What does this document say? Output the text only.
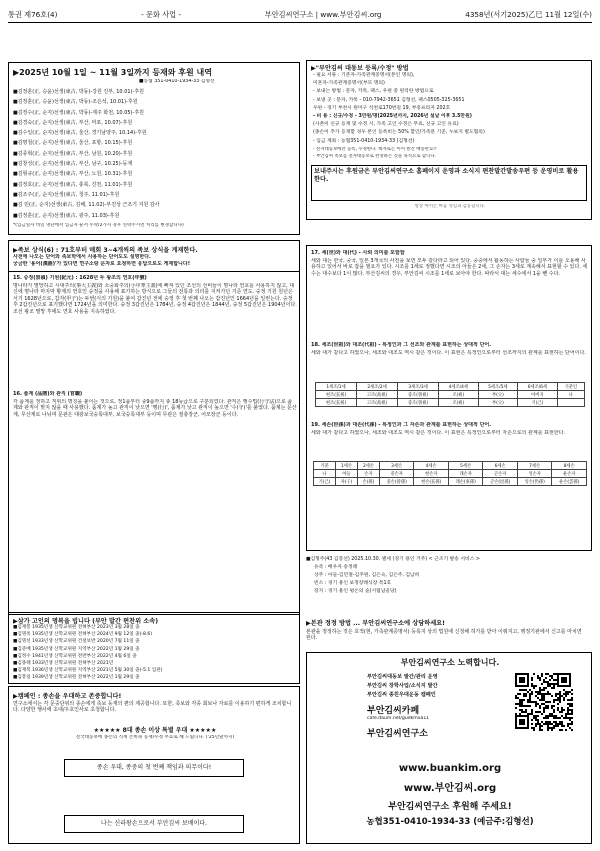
통권 제76호(4)	- 문화 사업 -	부안김씨연구소 | www.부안김씨.org	4358년(서기2025)乙巳 11월 12일(수)
▶2025년 10월 1일 ~ 11월 3일까지 등재와 후원 내역
■농협 351-0410-1934-33 김형선
■김정훈(正, 승윤)선생(東古, 박동)-강원 진부, 10.01)-후원
■김정훈(正, 승윤)선생(東古, 박동)-조은석, 10.01)-후원
■김정수(正, 순지)선생(東古, 박동)-제주 화천, 10.05)-후원
■김경숙(正, 순지)선생(東古, 부산, 마포, 10.07)-후원
■김수일(正, 순지)선생(東古, 울산, 경기남양주, 10.14)-후원
■김명철(正, 순지)선생(東古, 울산, 포항, 10.15)-후원
■김종혁(正, 순지)선생(東古, 부산, 남원, 10.20)-후원
■김창성(正, 순지)선생(東古, 부산, 남구, 10.25)-등재
■김형규(正, 순지)선생(東古, 부산, 노원, 10.31)-후원
■김정호(正, 순지)선생(東古, 충북, 진천, 11.01)-후원
■김조주(正, 순지)선생(東古, 청주, 11.01)-후원
■김 민(正, 순지)선생(東古, 김해, 11.02)-부친상 근조기 지원 감사
■김정훈(正, 순지)선생(東古, 광주, 11.03)-후원
*(입금일자 비밀 명단에서 입금자 순서 누락/2가지 경우 연락주시면 처리를 변경합니다)
▶족보 상식(6) : 71호부터 매회 3~4개씩의 족보 상식을 게재한다.
사전에 나오는 단어와 족보학에서 사용하는 단어도도 설명한다.
궁금한 '용어(漢語)'가 있다면 연구소랑 문자로 요청하면 응답으로도 게재합니다!
15. 승정(崇禎) 기원(紀元) : 1628년 두 왕조의 연호(年號)
명나라가 멸망하고 시대주의(事大主義)와 소중화주의(小中華主義)에 빠져 있던 조선의 선비들이 명나라 연호를 사용하지 않고, 대신에 명나라 마지막 황제의 연호인 숭정을 사용해 표기하는 방식으로 그들의 전통과 의리를 지켜가던 기준 연도. 숭정 기원 원년은 서기 1628년으로, 갑자(甲子)는 두번(식의 기원)을 붙여 갑진년 전에 숭정 후 첫 번째 나오는 갑진년인 1664년을 일컫는다. 숭정 후 2갑진년으로 표기했다면 1724년을 의미한다. 숭정 3갑진년은 1784년, 숭정 4갑진년은 1844년, 숭정 5갑진년은 1904년이다. 조선 왕조 멸망 후에도 연호 사용을 지속하였다.
16. 품계 (品階)와 관직 (官職)
각 품계를 정하고 직위의 명칭을 붙이는 것으로, 정1품부터 종9품까지 총 18등급으로 구분되었다. 관직은 행수법(行守法)으로 품계와 관직이 맞지 않을 때 사용했다. 품계가 높고 관직이 낮으면 '행(行)', 품계가 낮고 관직이 높으면 '수(守)'를 붙였다. 품계는 문산계, 무산계로 나뉘며 문관은 대광보국숭록대부, 보국숭록대부 등이며 무관은 절충장군, 어모장군 등이다.
▶삼가 고인의 명복을 빕니다 (부안 발간 편찬위 소속)
■김재봉 1935년생 산학교위원 전혀부산 2023년 3월 28일 졸
■김명옥 1935년생 산학교위원 전혀부산 2024년 9월 12일 졸(-8.6)
■김명선 1933년생 산학교위원 건설보반 2020년 7월 11일 졸
■김준배 1935년생 산학교위원 지역부산 2022년 1월 29일 졸
■김정수 1941년생 산학교위원 전반부산 2022년 4월 6일 졸
■김종태 1933년생 산학교위원 전혀부산 2021년
■김재복 1936년생 산학교위원 지역부산 2021년 5월 30일 졸(-5.1 입관)
■김봉일 1939년생 산학교위원 전혀부산 2022년 1월 29일 졸
▶캠페인 : 종손을 우대하고 존중합니다!
연구소에서는 각 문중단위의 종손에게 족보 등재의 편의 제공합니다. 또한, 족보와 각종 회보나 자료를 이용하기 편하게 조치합니다. 다양한 행사에 초대/우호인사로 초청합니다.
★★★★★ 8대 종손 이상 특별 우대 ★★★★★
전국대동보에 종손의 직계 존비속 등재/수정 무료로 해 드립니다. ('25년말까지)
종손 우대, 종중의 첫 번째 책임과 의무이다!
나는 신라왕손으로서 부안김씨 보배이다.
▶"부안김씨 대동보 등록/수정" 방법
- 필요 서류 : 기존자-가족관계증명서(본인 명의),
미혼자-가족관계증명서(부모 명의)
- 보내는 방법 : 문자, 카톡, 팩스, 우편 중 편리한 방법으로
- 보낼 곳 : 문자, 카톡 - 010-7942-3651 김형선, 팩스0505-325-3651
우편 - 경기 부천시 원미구 석천로170번길 19, 부흥프라자 202호
- 비 용 : 신규/수정 - 3만원/명(2025년까지, 2026년 설날 이후 3.5만원)
(사촌이 신규 등재 및 수정 시, 가족 고인 수정은 무료, 신규 고인 유료)
(종손이 추가 등재할 경우 본인 등록비는 50% 할인/가족분 기준, 누보지 별도협의)
- 입금 계좌 : 농협351-0410-1934-33 (김형선)
- 전자대동보에만 등록, 수정한다. 책자로는 이미 발간 배송완료!!
- 부안김씨 족보를 전자대동보로 완성하는 것을 목적으로 합니다.
보내주시는 후원금은 부안김씨연구소 홈페이지 운영과 소식지 편찬발간발송우편 등 운영비로 활용한다.
항상 아끼는 마음 영심과 감동합니다.
17. 세(世)와 대(代) - 사뢰 의미를 포함함
세와 대는 한국, 중국, 일본 3개국의 사전을 보면 모두 같다라고 되어 있다. 중중에서 활동하는 사람들 중 일부가 이를 오용해 사용하고 있어서 바로 잡을 필요가 있다. 시조를 1세로 정했다면 시조의 아들은 2세, 그 손자는 3세로 계속해서 표현할 수 있다. 세수는 대수보다 1이 많다. 부산김씨의 경우, 부안김씨 시조를 1세로 보아야 한다. 따라서 대는 세수에서 1을 뺀 수다.
18. 세조(世祖)와 대조(代祖) - 특정인과 그 선조와 관계를 표현하는 상대적 단어.
세와 대가 같다고 하였으나, 세조와 대조도 역시 같은 것이다. 이 표현은 특정인으로부터 선조까지의 관계를 표현하는 단어이다.
1세조/1세	2세조/2세	3세조/3세	4세조/4세	5세조/5세	6세조/6세	기준인
현조(玄祖)	고조(高祖)	증조(曾祖)	조(祖)	부(父)	아버지	나
현조(玄祖)	고조(高祖)	증조(曾祖)	조(祖)	부(父)	기(己)	
19. 세손(世孫)과 대손(代孫) - 특정인과 그 자손과 관계를 표현하는 상대적 단어.
세와 대가 같다고 하였으나, 세조와 대조도 역시 같은 것이다. 이 표현은 특정인으로부터 자손으로의 관계를 표현한다.
기준	1세손	2세손	3세손	4세손	5세손	6세손	7세손	8세손
나	아들	손자	증손자	현손자	래손자	곤손자	잉손자	운손자
기(己)	자(子)	손(孫)	증손(曾孫)	현손(玄孫)	래손(來孫)	곤손(昆孫)	잉손(仍孫)	운손(雲孫)
■김형주(43 김봉선) 2025.10.30. 별세 (경기 용인 거주) < 근조기 발송 서비스 >
유족 : 배우자 송정례
상주 : 아들-김민철-김주원, 김은숙, 김은주, 김남희
빈소 : 경기 용인 보정장례식장 특1호
장지 : 경기 용인 평온의 숲(시립납골당)
▶본관 정정 방법 ... 부안김씨연구소에 상담하세요!
본관을 정정하는 것은 호적(현, 가족관계증명서) 등록지 상의 법원에 신청해 허가를 받아 이뤄지고, 행정기관에서 신고를 마치면 된다.
부안김씨연구소 노력합니다.
부안김씨대동보 발간/관리 운영
부안김씨 장학사업/소식지 발간
부안김씨 종친우대운동 캠페인
부안김씨카페
cafe.daum.net/gudkmxa11
부안김씨연구소
www.buankim.org
www.부안김씨.org
부안김씨연구소 후원해 주세요!
농협351-0410-1934-33 (예금주:김형선)
